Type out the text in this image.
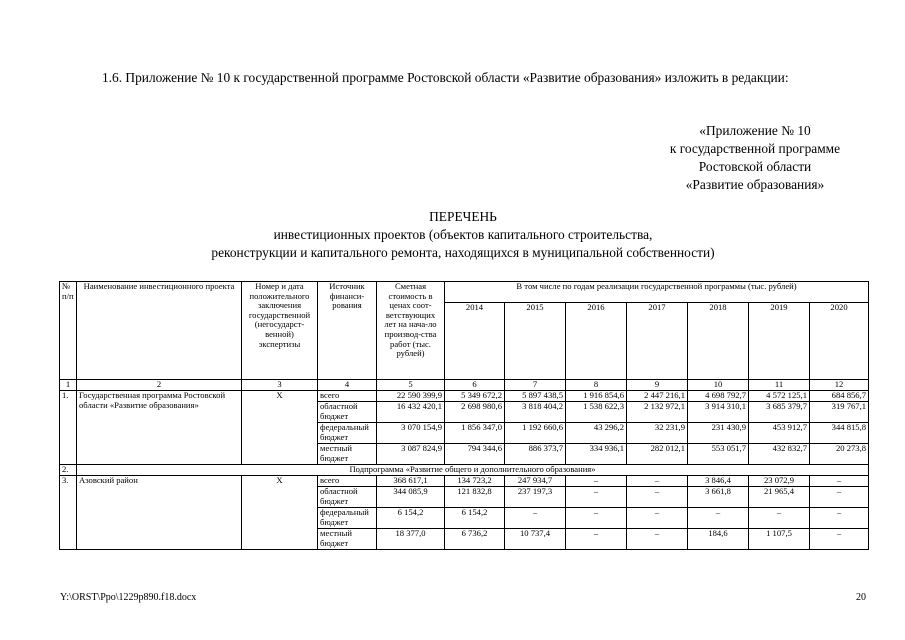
1.6. Приложение № 10 к государственной программе Ростовской области «Развитие образования» изложить в редакции:
«Приложение № 10
к государственной программе
Ростовской области
«Развитие образования»
ПЕРЕЧЕНЬ
инвестиционных проектов (объектов капитального строительства,
реконструкции и капитального ремонта, находящихся в муниципальной собственности)
№ п/п	Наименование инвестиционного проекта	Номер и дата положительного заключения государственной (негосударст-венной) экспертизы	Источник финанси-рования	Сметная стоимость в ценах соот-ветствующих лет на нача-ло производ-ства работ (тыс. рублей)	В том числе по годам реализации государственной программы (тыс. рублей)						
					2014	2015	2016	2017	2018	2019	2020
1	2	3	4	5	6	7	8	9	10	11	12
1.	Государственная программа Ростовской области «Развитие образования»	Х	всего	22 590 399,9	5 349 672,2	5 897 438,5	1 916 854,6	2 447 216,1	4 698 792,7	4 572 125,1	684 856,7
			областной бюджет	16 432 420,1	2 698 980,6	3 818 404,2	1 538 622,3	2 132 972,1	3 914 310,1	3 685 379,7	319 767,1
			федеральный бюджет	3 070 154,9	1 856 347,0	1 192 660,6	43 296,2	32 231,9	231 430,9	453 912,7	344 815,8
			местный бюджет	3 087 824,9	794 344,6	886 373,7	334 936,1	282 012,1	553 051,7	432 832,7	20 273,8
2.	Подпрограмма «Развитие общего и дополнительного образования»										
3.	Азовский район	Х	всего	368 617,1	134 723,2	247 934,7	–	–	3 846,4	23 072,9	–
			областной бюджет	344 085,9	121 832,8	237 197,3	–	–	3 661,8	21 965,4	–
			федеральный бюджет	6 154,2	6 154,2	–	–	–	–	–	–
			местный бюджет	18 377,0	6 736,2	10 737,4	–	–	184,6	1 107,5	–
Y:\ORST\Ppo\1229p890.f18.docx	20
